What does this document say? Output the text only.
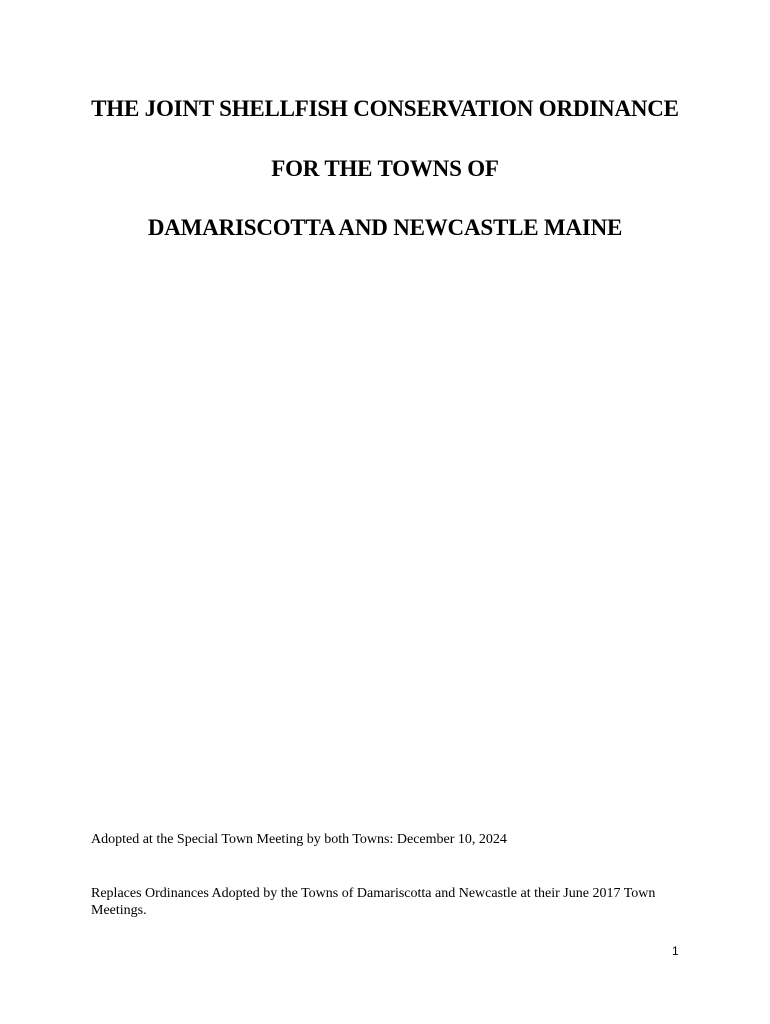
THE JOINT SHELLFISH CONSERVATION ORDINANCE
FOR THE TOWNS OF
DAMARISCOTTA AND NEWCASTLE MAINE
Adopted at the Special Town Meeting by both Towns: December 10, 2024
Replaces Ordinances Adopted by the Towns of Damariscotta and Newcastle at their June 2017 Town Meetings.
1
